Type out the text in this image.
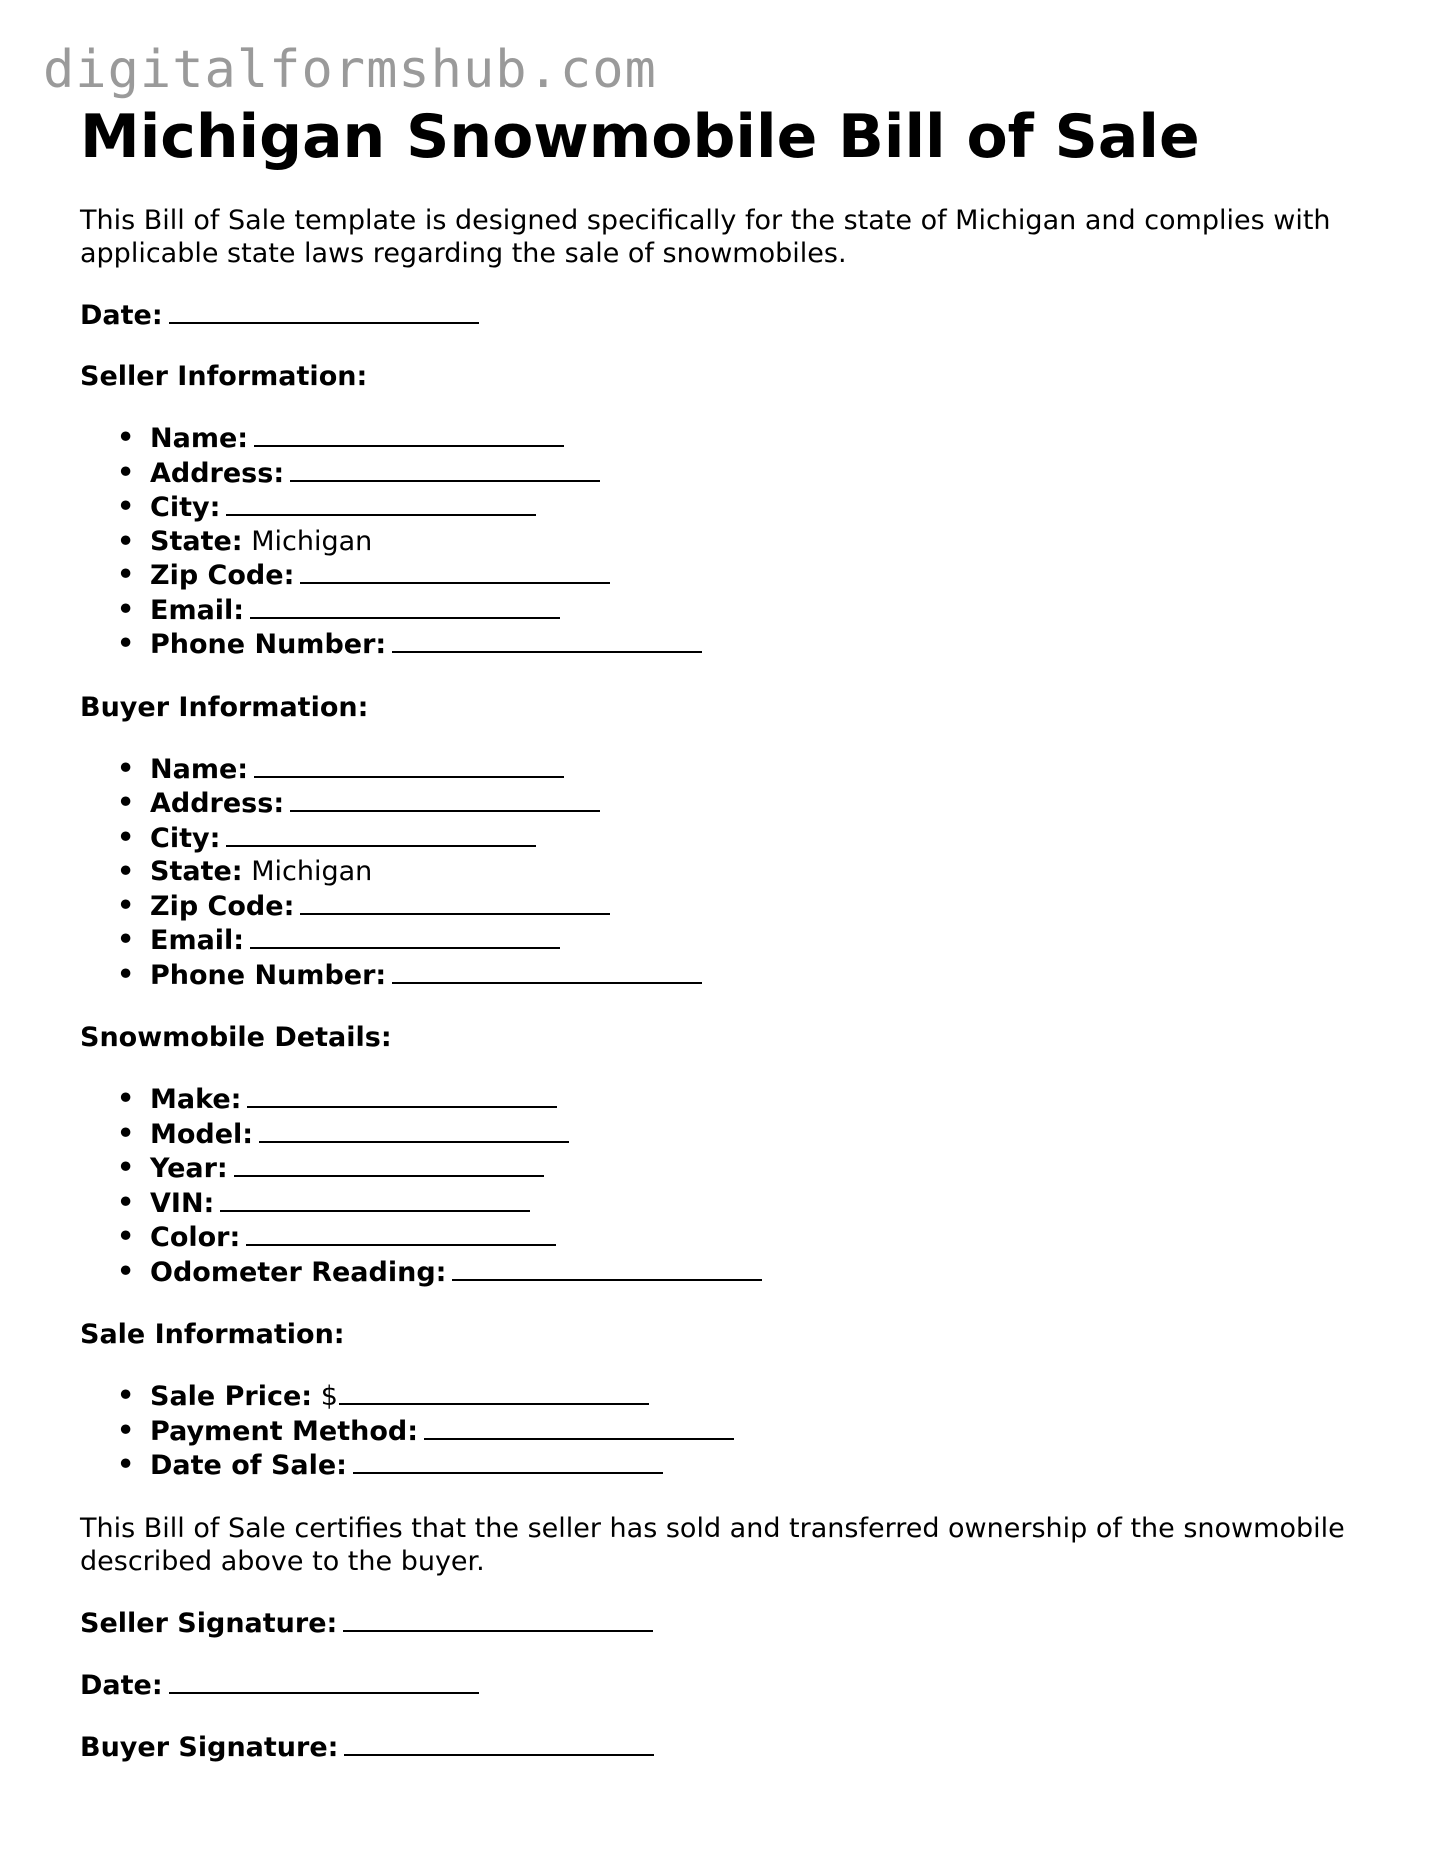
digitalformshub.com
Michigan Snowmobile Bill of Sale

This Bill of Sale template is designed specifically for the state of Michigan and complies with applicable state laws regarding the sale of snowmobiles.

Date:

Seller Information:

• Name:
• Address:
• City:
• State: Michigan
• Zip Code:
• Email:
• Phone Number:

Buyer Information:

• Name:
• Address:
• City:
• State: Michigan
• Zip Code:
• Email:
• Phone Number:

Snowmobile Details:

• Make:
• Model:
• Year:
• VIN:
• Color:
• Odometer Reading:

Sale Information:

• Sale Price: $
• Payment Method:
• Date of Sale:

This Bill of Sale certifies that the seller has sold and transferred ownership of the snowmobile described above to the buyer.

Seller Signature:

Date:

Buyer Signature:
